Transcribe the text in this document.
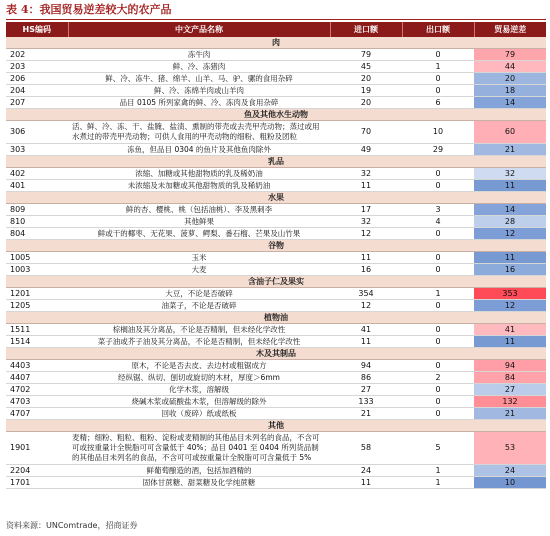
表 4：我国贸易逆差较大的农产品
HS编码	中文产品名称	进口额	出口额	贸易逆差
肉				
202	冻牛肉	79	0	79
203	鲜、冷、冻猪肉	45	1	44
206	鲜、冷、冻牛、猪、绵羊、山羊、马、驴、骡的食用杂碎	20	0	20
204	鲜、冷、冻绵羊肉或山羊肉	19	0	18
207	品目 0105 所列家禽的鲜、冷、冻肉及食用杂碎	20	6	14
鱼及其他水生动物				
306	活、鲜、冷、冻、干、盐腌、盐渍、熏制的带壳或去壳甲壳动物；蒸过或用水煮过的带壳甲壳动物；可供人食用的甲壳动物的细粉、粗粉及团粒	70	10	60
303	冻鱼，但品目 0304 的鱼片及其他鱼肉除外	49	29	21
乳品				
402	浓缩、加糖或其他甜物质的乳及稀奶油	32	0	32
401	未浓缩及未加糖或其他甜物质的乳及稀奶油	11	0	11
水果				
809	鲜的杏、樱桃、桃（包括油桃）、李及黑刺李	17	3	14
810	其他鲜果	32	4	28
804	鲜或干的椰枣、无花果、菠萝、鳄梨、番石榴、芒果及山竹果	12	0	12
谷物				
1005	玉米	11	0	11
1003	大麦	16	0	16
含油子仁及果实				
1201	大豆，不论是否破碎	354	1	353
1205	油菜子，不论是否破碎	12	0	12
植物油				
1511	棕榈油及其分离品，不论是否精制，但未经化学改性	41	0	41
1514	菜子油或芥子油及其分离品，不论是否精制，但未经化学改性	11	0	11
木及其制品				
4403	原木，不论是否去皮、去边材或粗锯成方	94	0	94
4407	经纵锯、纵切、刨切或旋切的木材，厚度＞6mm	86	2	84
4702	化学木浆，溶解级	27	0	27
4703	烧碱木浆或硫酸盐木浆，但溶解级的除外	133	0	132
4707	回收（废碎）纸或纸板	21	0	21
其他				
1901	麦精；细粉、粗粒、粗粉、淀粉或麦精制的其他品目未列名的食品，不含可可或按重量计全脱脂可可含量低于 40%；品目 0401 至 0404 所列货品制的其他品目未列名的食品，不含可可或按重量计全脱脂可可含量低于 5%	58	5	53
2204	鲜葡萄酿造的酒，包括加酒精的	24	1	24
1701	固体甘蔗糖、甜菜糖及化学纯蔗糖	11	1	10
资料来源：UNComtrade，招商证券
